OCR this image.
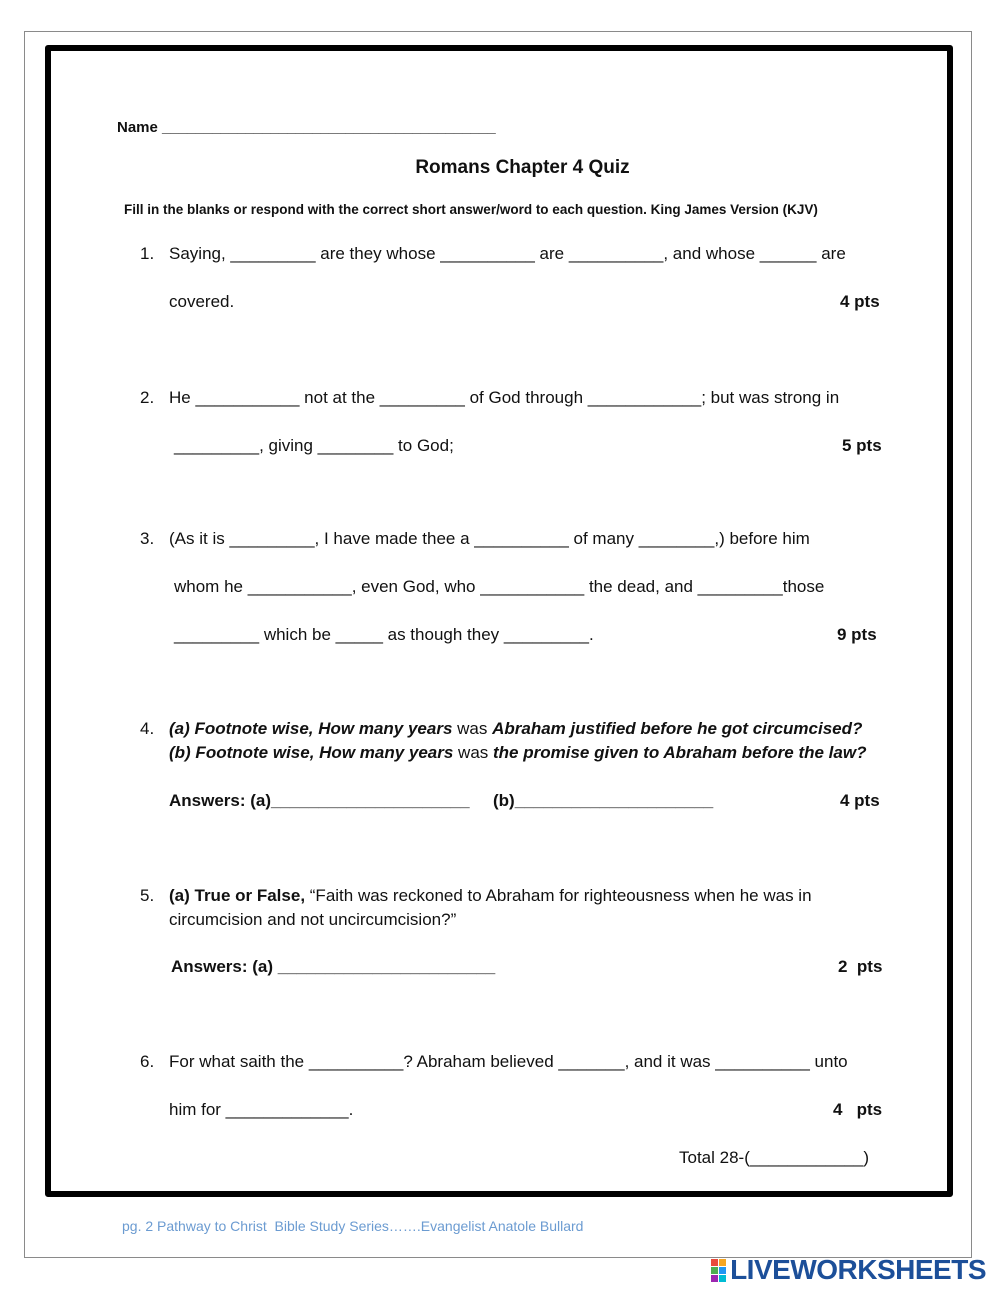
Name ________________________________________
Romans Chapter 4 Quiz
Fill in the blanks or respond with the correct short answer/word to each question. King James Version (KJV)
1. Saying, _________ are they whose __________ are __________, and whose ______ are
covered.	4 pts
2. He ___________ not at the _________ of God through ____________; but was strong in
_________, giving ________ to God;	5 pts
3. (As it is _________, I have made thee a __________ of many ________,) before him
whom he ___________, even God, who ___________ the dead, and _________those
_________ which be _____ as though they _________.	9 pts
4. (a) Footnote wise, How many years was Abraham justified before he got circumcised?
(b) Footnote wise, How many years was the promise given to Abraham before the law?
Answers: (a)_____________________ (b)_____________________	4 pts
5. (a) True or False, “Faith was reckoned to Abraham for righteousness when he was in
circumcision and not uncircumcision?”
Answers: (a) _______________________	2  pts
6. For what saith the __________? Abraham believed _______, and it was __________ unto
him for _____________.	4   pts
Total 28-(____________)
pg. 2 Pathway to Christ  Bible Study Series…….Evangelist Anatole Bullard
LIVEWORKSHEETS
